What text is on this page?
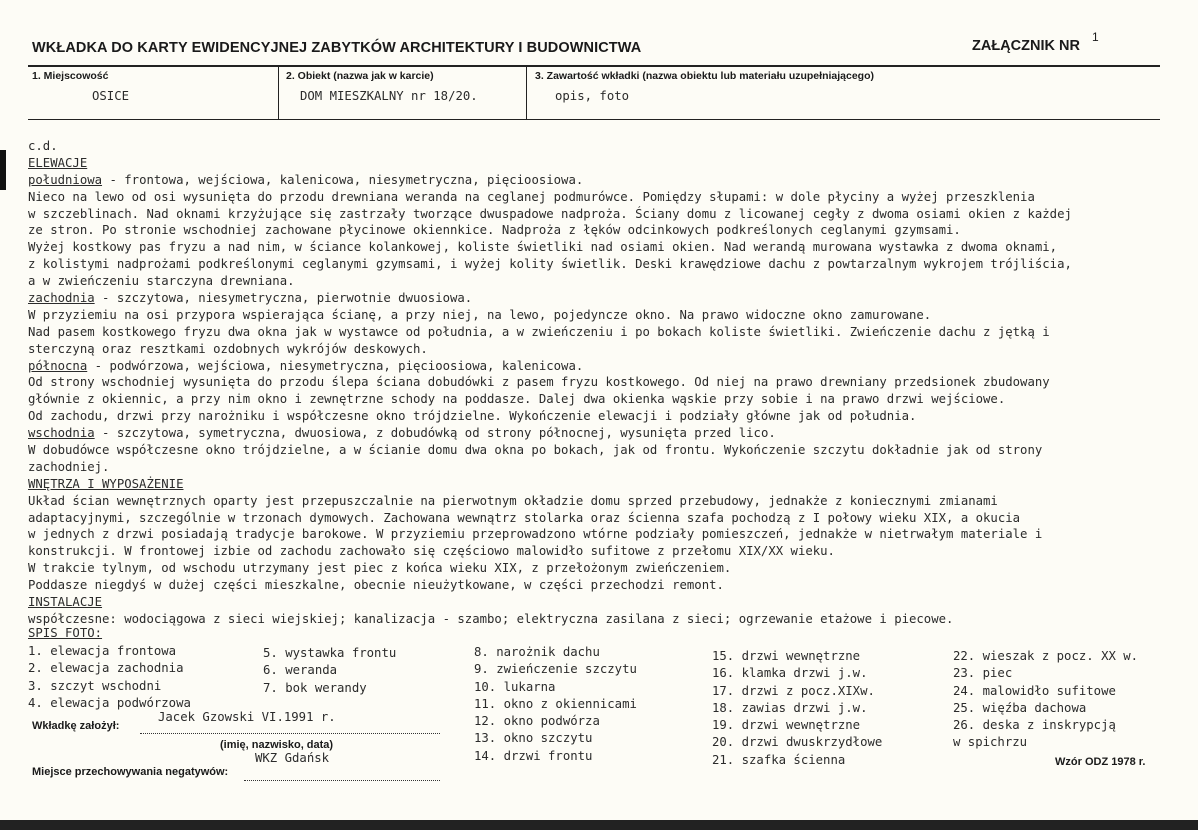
WKŁADKA DO KARTY EWIDENCYJNEJ ZABYTKÓW ARCHITEKTURY I BUDOWNICTWA	ZAŁĄCZNIK NR
1
1. Miejscowość
OSICE
2. Obiekt (nazwa jak w karcie)
DOM MIESZKALNY nr 18/20.
3. Zawartość wkładki (nazwa obiektu lub materiału uzupełniającego)
opis, foto
c.d.
ELEWACJE
południowa - frontowa, wejściowa, kalenicowa, niesymetryczna, pięcioosiowa.
Nieco na lewo od osi wysunięta do przodu drewniana weranda na ceglanej podmurówce. Pomiędzy słupami: w dole płyciny a wyżej przeszklenia
w szczeblinach. Nad oknami krzyżujące się zastrzały tworzące dwuspadowe nadproża. Ściany domu z licowanej cegły z dwoma osiami okien z każdej
ze stron. Po stronie wschodniej zachowane płycinowe okiennkice. Nadproża z łęków odcinkowych podkreślonych ceglanymi gzymsami.
Wyżej kostkowy pas fryzu a nad nim, w ściance kolankowej, koliste świetliki nad osiami okien. Nad werandą murowana wystawka z dwoma oknami,
z kolistymi nadprożami podkreślonymi ceglanymi gzymsami, i wyżej kolity świetlik. Deski krawędziowe dachu z powtarzalnym wykrojem trójliścia,
a w zwieńczeniu starczyna drewniana.
zachodnia - szczytowa, niesymetryczna, pierwotnie dwuosiowa.
W przyziemiu na osi przypora wspierająca ścianę, a przy niej, na lewo, pojedyncze okno. Na prawo widoczne okno zamurowane.
Nad pasem kostkowego fryzu dwa okna jak w wystawce od południa, a w zwieńczeniu i po bokach koliste świetliki. Zwieńczenie dachu z jętką i
sterczyną oraz resztkami ozdobnych wykrójów deskowych.
północna - podwórzowa, wejściowa, niesymetryczna, pięcioosiowa, kalenicowa.
Od strony wschodniej wysunięta do przodu ślepa ściana dobudówki z pasem fryzu kostkowego. Od niej na prawo drewniany przedsionek zbudowany
głównie z okiennic, a przy nim okno i zewnętrzne schody na poddasze. Dalej dwa okienka wąskie przy sobie i na prawo drzwi wejściowe.
Od zachodu, drzwi przy narożniku i współczesne okno trójdzielne. Wykończenie elewacji i podziały główne jak od południa.
wschodnia - szczytowa, symetryczna, dwuosiowa, z dobudówką od strony północnej, wysunięta przed lico.
W dobudówce współczesne okno trójdzielne, a w ścianie domu dwa okna po bokach, jak od frontu. Wykończenie szczytu dokładnie jak od strony
zachodniej.
WNĘTRZA I WYPOSAŻENIE
Układ ścian wewnętrznych oparty jest przepuszczalnie na pierwotnym okładzie domu sprzed przebudowy, jednakże z koniecznymi zmianami
adaptacyjnymi, szczególnie w trzonach dymowych. Zachowana wewnątrz stolarka oraz ścienna szafa pochodzą z I połowy wieku XIX, a okucia
w jednych z drzwi posiadają tradycje barokowe. W przyziemiu przeprowadzono wtórne podziały pomieszczeń, jednakże w nietrwałym materiale i
konstrukcji. W frontowej izbie od zachodu zachowało się częściowo malowidło sufitowe z przełomu XIX/XX wieku.
W trakcie tylnym, od wschodu utrzymany jest piec z końca wieku XIX, z przełożonym zwieńczeniem.
Poddasze niegdyś w dużej części mieszkalne, obecnie nieużytkowane, w części przechodzi remont.
INSTALACJE
współczesne: wodociągowa z sieci wiejskiej; kanalizacja - szambo; elektryczna zasilana z sieci; ogrzewanie etażowe i piecowe.
SPIS FOTO:
1. elewacja frontowa
2. elewacja zachodnia
3. szczyt wschodni
4. elewacja podwórzowa
5. wystawka frontu
6. weranda
7. bok werandy
8. narożnik dachu
9. zwieńczenie szczytu
10. lukarna
11. okno z okiennicami
12. okno podwórza
13. okno szczytu
14. drzwi frontu
15. drzwi wewnętrzne
16. klamka drzwi j.w.
17. drzwi z pocz.XIXw.
18. zawias drzwi j.w.
19. drzwi wewnętrzne
20. drzwi dwuskrzydłowe
21. szafka ścienna
22. wieszak z pocz. XX w.
23. piec
24. malowidło sufitowe
25. więźba dachowa
26. deska z inskrypcją
w spichrzu
Wkładkę założył:
Jacek Gzowski VI.1991 r.
(imię, nazwisko, data)
WKZ Gdańsk
Miejsce przechowywania negatywów:
Wzór ODZ 1978 r.
